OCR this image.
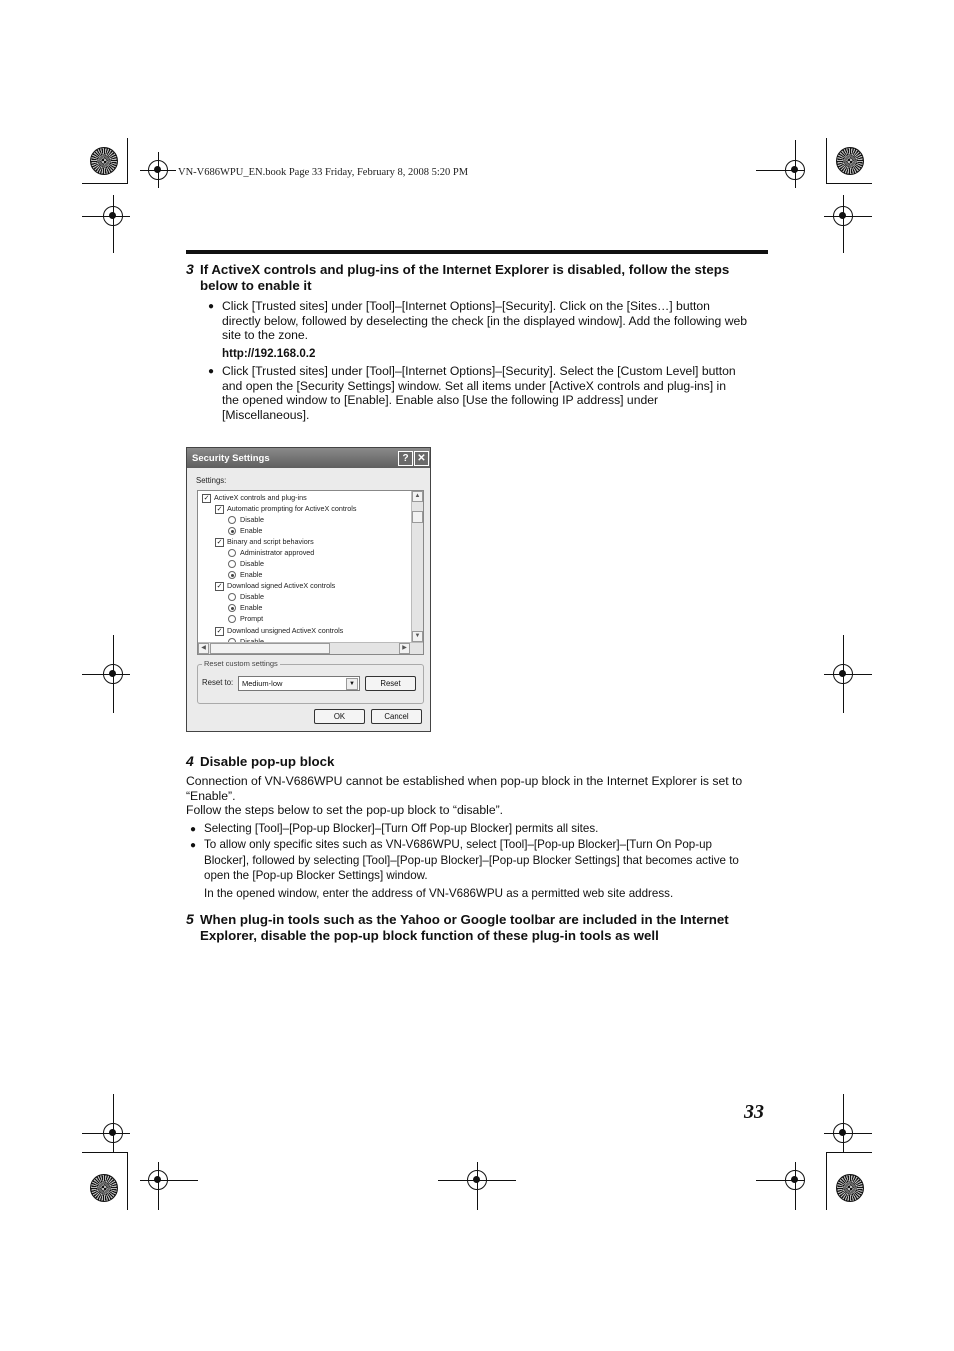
VN-V686WPU_EN.book Page 33 Friday, February 8, 2008 5:20 PM
3 If ActiveX controls and plug-ins of the Internet Explorer is disabled, follow the steps
below to enable it
● Click [Trusted sites] under [Tool]–[Internet Options]–[Security]. Click on the [Sites…] button
directly below, followed by deselecting the check [in the displayed window]. Add the following web
site to the zone.
http://192.168.0.2
● Click [Trusted sites] under [Tool]–[Internet Options]–[Security]. Select the [Custom Level] button
and open the [Security Settings] window. Set all items under [ActiveX controls and plug-ins] in
the opened window to [Enable]. Enable also [Use the following IP address] under
[Miscellaneous].
Security Settings	? ✕
Settings:
✓ ActiveX controls and plug-ins
✓ Automatic prompting for ActiveX controls
Disable
Enable
✓ Binary and script behaviors
Administrator approved
Disable
Enable
✓ Download signed ActiveX controls
Disable
Enable
Prompt
✓ Download unsigned ActiveX controls
▲
▼
◀	▶
Reset custom settings
Reset to: Medium-low	▼	Reset
OK	Cancel
4 Disable pop-up block
Connection of VN-V686WPU cannot be established when pop-up block in the Internet Explorer is set to
“Enable”.
Follow the steps below to set the pop-up block to “disable”.
● Selecting [Tool]–[Pop-up Blocker]–[Turn Off Pop-up Blocker] permits all sites.
● To allow only specific sites such as VN-V686WPU, select [Tool]–[Pop-up Blocker]–[Turn On Pop-up
Blocker], followed by selecting [Tool]–[Pop-up Blocker]–[Pop-up Blocker Settings] that becomes active to
open the [Pop-up Blocker Settings] window.
In the opened window, enter the address of VN-V686WPU as a permitted web site address.
5 When plug-in tools such as the Yahoo or Google toolbar are included in the Internet
Explorer, disable the pop-up block function of these plug-in tools as well
33
